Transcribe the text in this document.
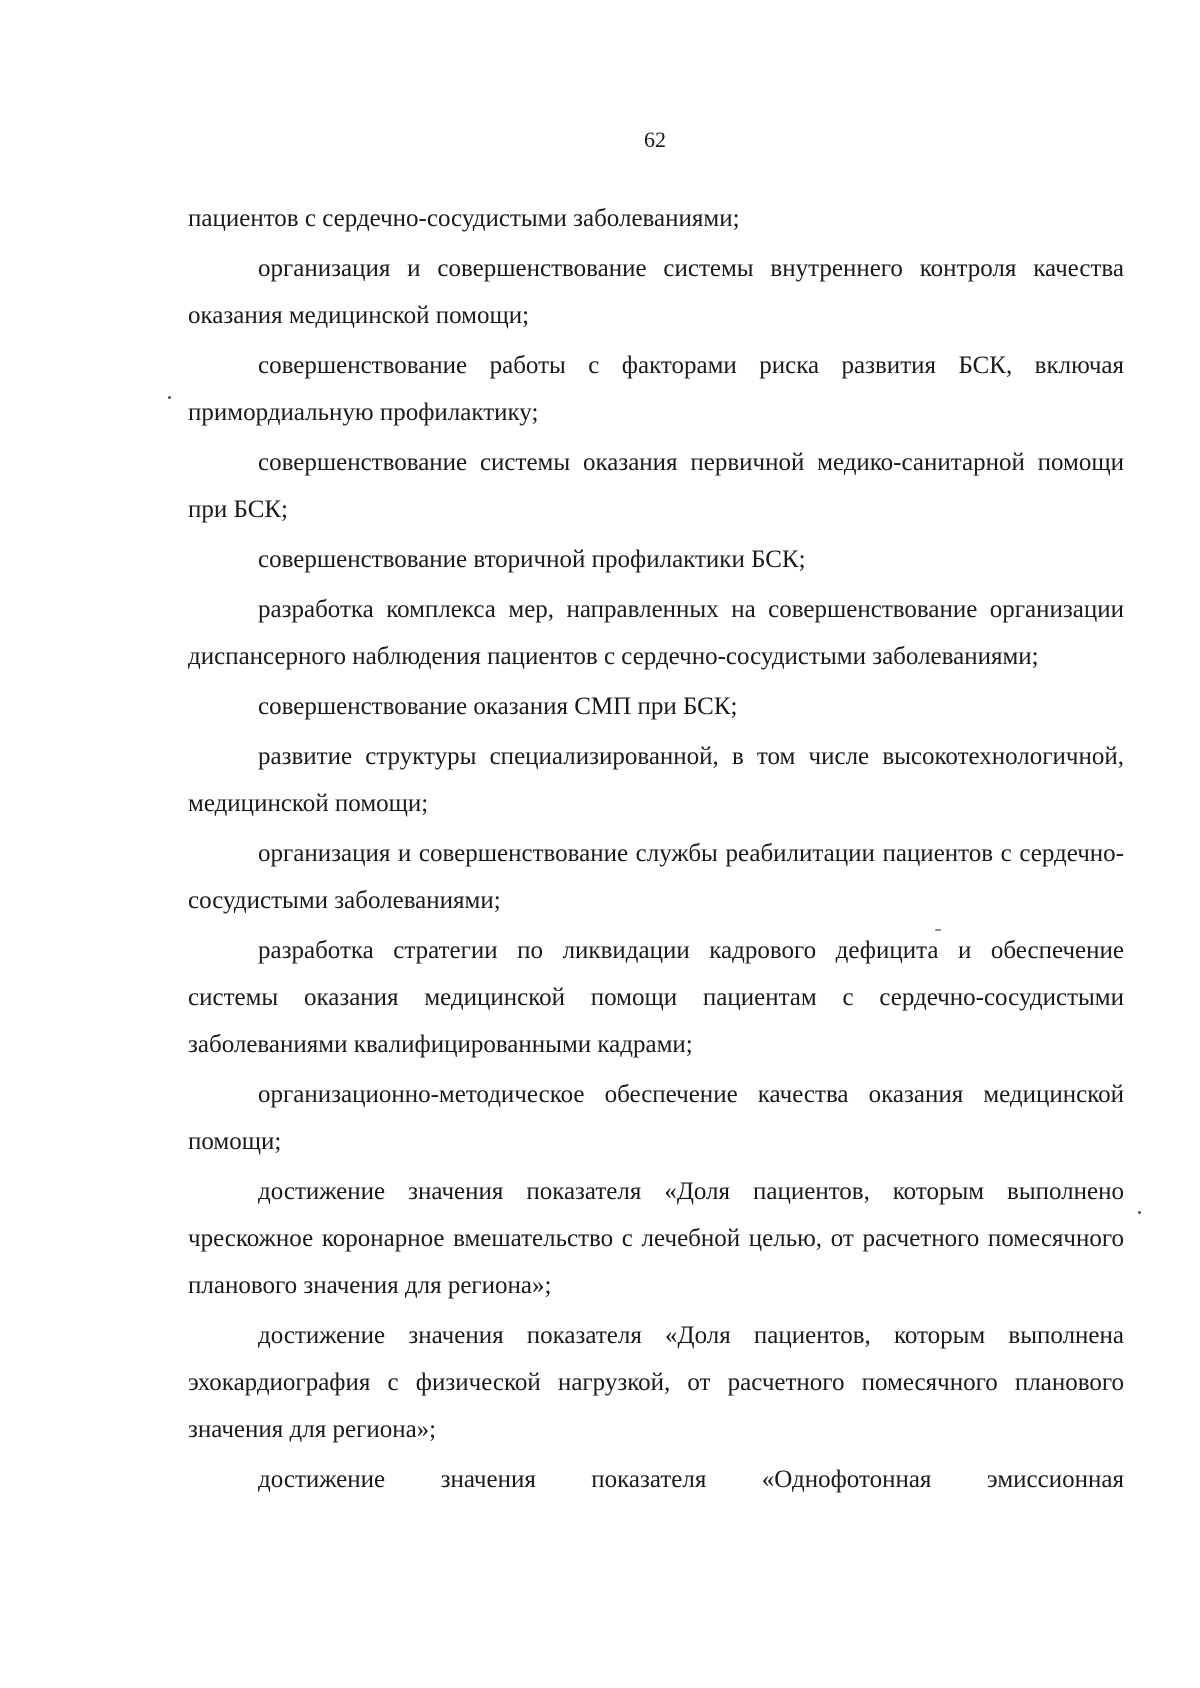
62

пациентов с сердечно-сосудистыми заболеваниями;

организация и совершенствование системы внутреннего контроля качества оказания медицинской помощи;

совершенствование работы с факторами риска развития БСК, включая примордиальную профилактику;

совершенствование системы оказания первичной медико-санитарной помощи при БСК;

совершенствование вторичной профилактики БСК;

разработка комплекса мер, направленных на совершенствование организации диспансерного наблюдения пациентов с сердечно-сосудистыми заболеваниями;

совершенствование оказания СМП при БСК;

развитие структуры специализированной, в том числе высокотехнологичной, медицинской помощи;

организация и совершенствование службы реабилитации пациентов с сердечно-сосудистыми заболеваниями;

разработка стратегии по ликвидации кадрового дефицита и обеспечение системы оказания медицинской помощи пациентам с сердечно-сосудистыми заболеваниями квалифицированными кадрами;

организационно-методическое обеспечение качества оказания медицинской помощи;

достижение значения показателя «Доля пациентов, которым выполнено чрескожное коронарное вмешательство с лечебной целью, от расчетного помесячного планового значения для региона»;

достижение значения показателя «Доля пациентов, которым выполнена эхокардиография с физической нагрузкой, от расчетного помесячного планового значения для региона»;

достижение значения показателя «Однофотонная эмиссионная
